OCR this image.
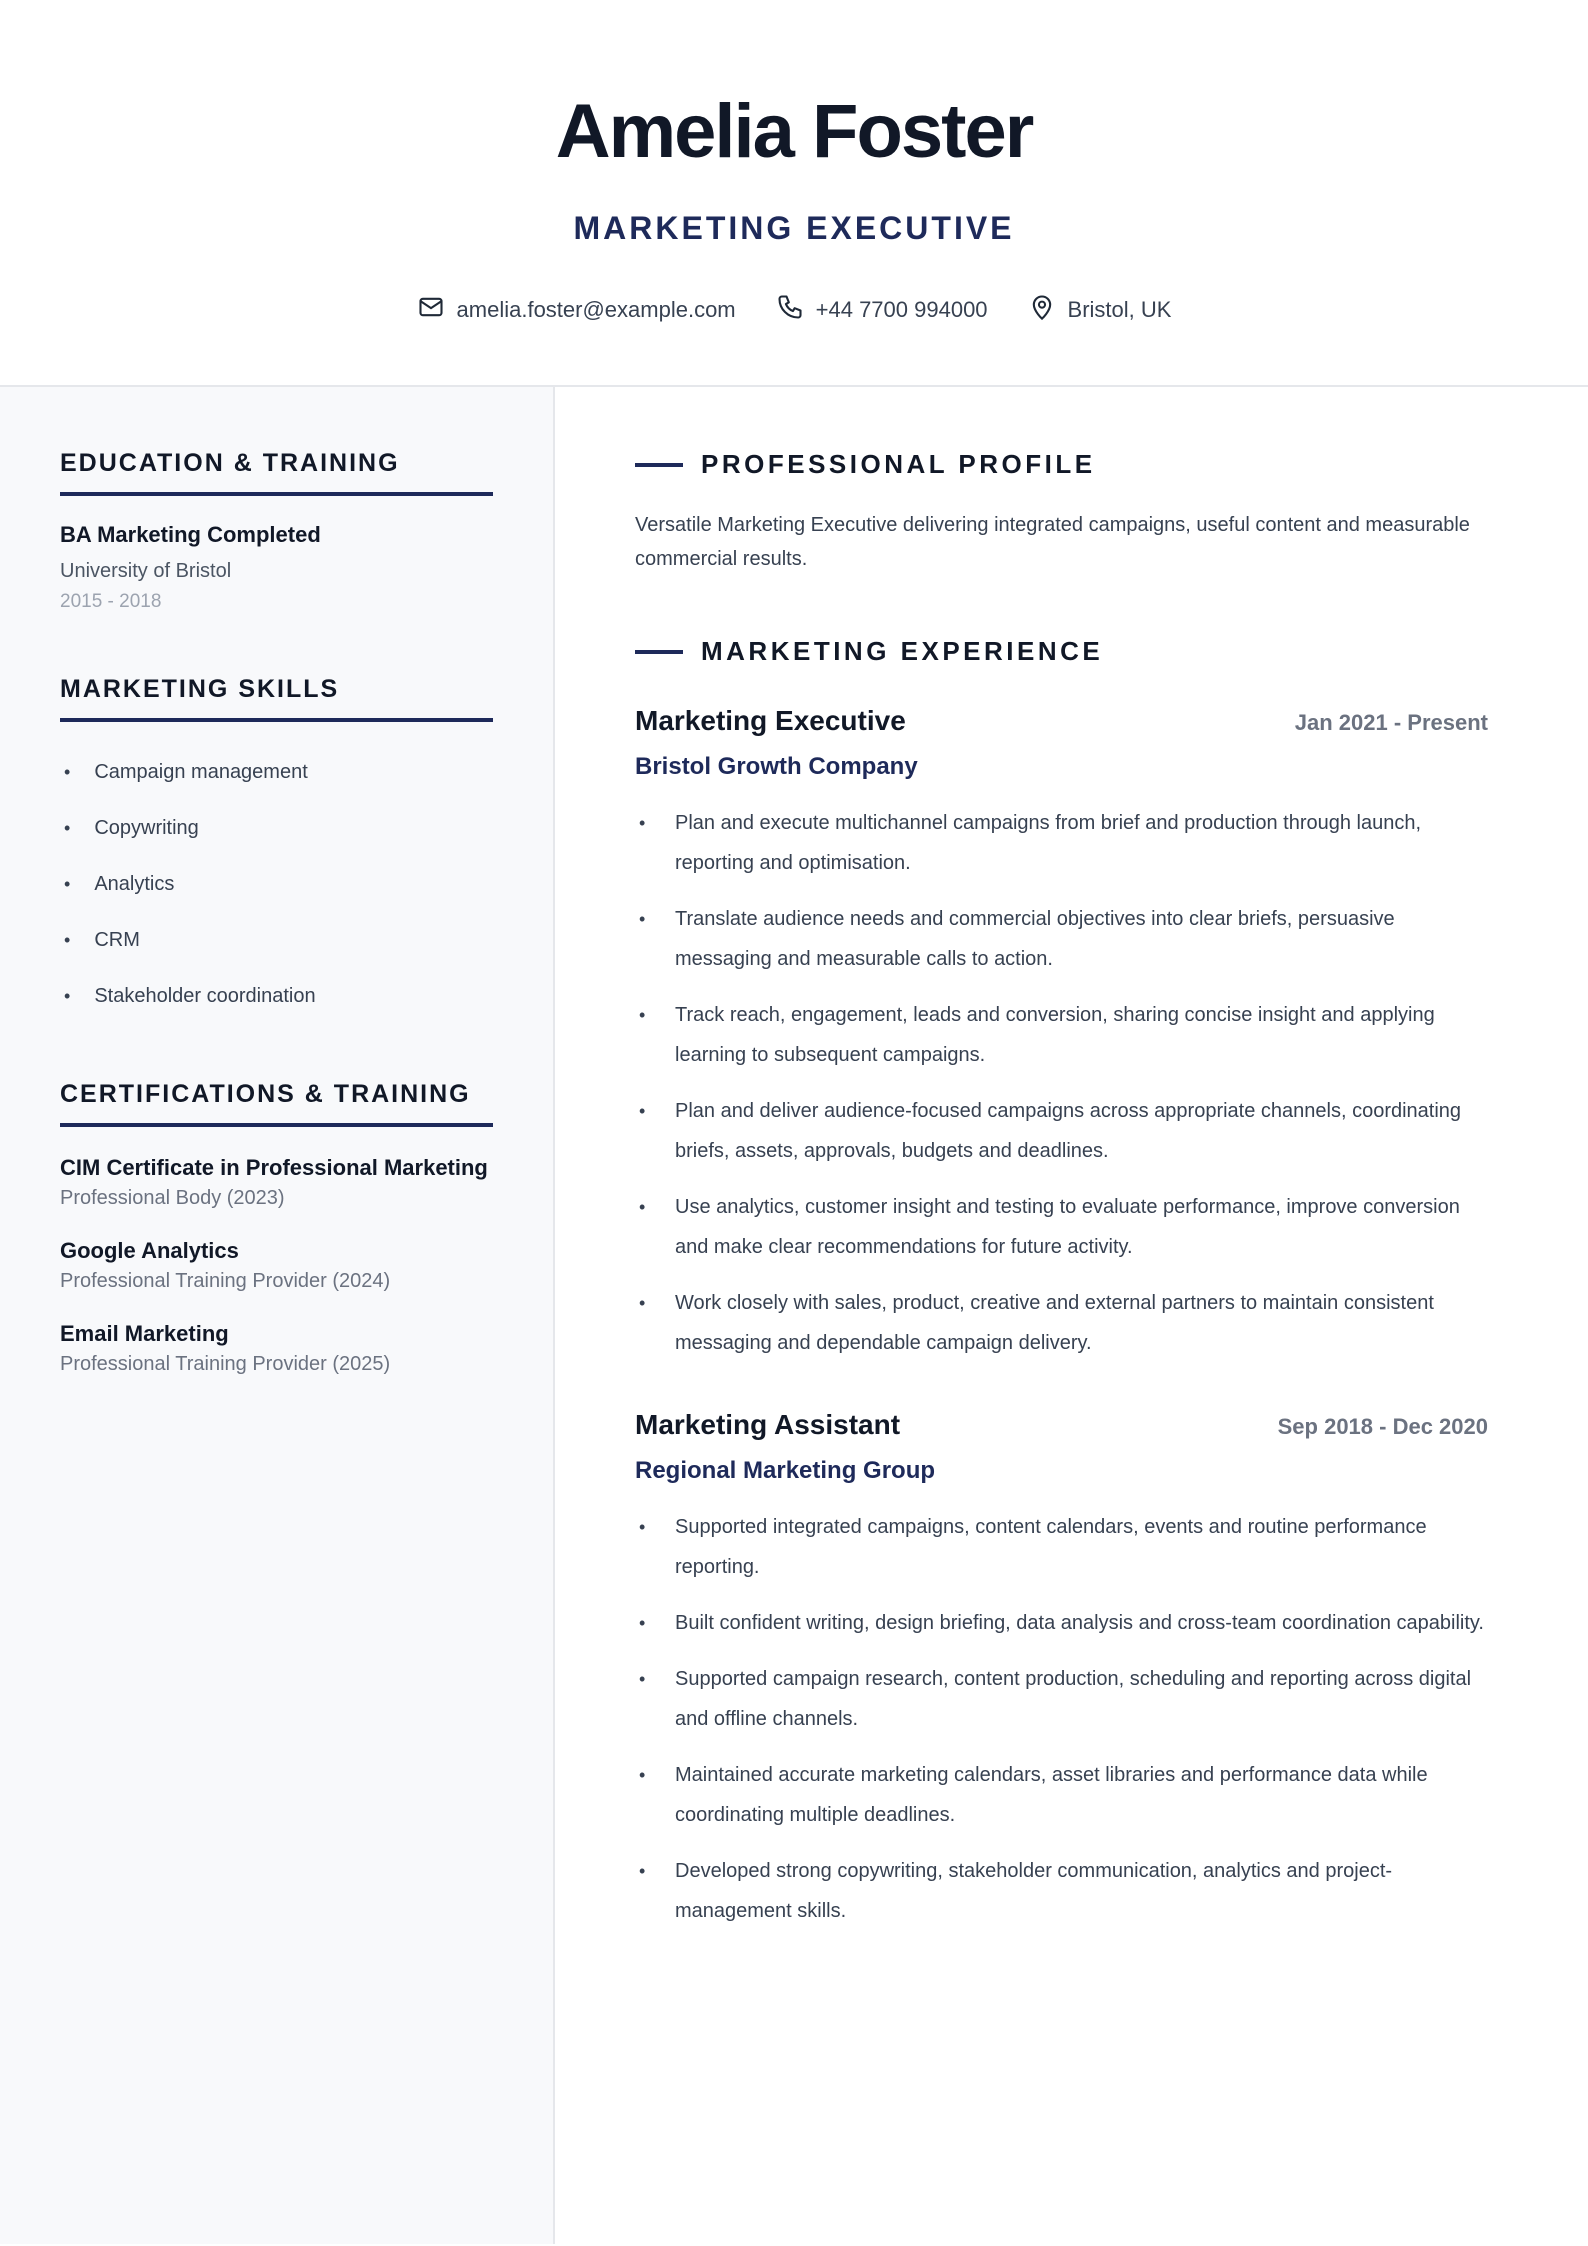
Amelia Foster
MARKETING EXECUTIVE
amelia.foster@example.com	+44 7700 994000	Bristol, UK
EDUCATION & TRAINING
BA Marketing Completed
University of Bristol
2015 - 2018
MARKETING SKILLS
• Campaign management
• Copywriting
• Analytics
• CRM
• Stakeholder coordination
CERTIFICATIONS & TRAINING
CIM Certificate in Professional Marketing
Professional Body (2023)
Google Analytics
Professional Training Provider (2024)
Email Marketing
Professional Training Provider (2025)
PROFESSIONAL PROFILE

Versatile Marketing Executive delivering integrated campaigns, useful content and measurable commercial results.

MARKETING EXPERIENCE
Marketing Executive	Jan 2021 - Present
Bristol Growth Company
• Plan and execute multichannel campaigns from brief and production through launch, reporting and optimisation.
• Translate audience needs and commercial objectives into clear briefs, persuasive messaging and measurable calls to action.
• Track reach, engagement, leads and conversion, sharing concise insight and applying learning to subsequent campaigns.
• Plan and deliver audience-focused campaigns across appropriate channels, coordinating briefs, assets, approvals, budgets and deadlines.
• Use analytics, customer insight and testing to evaluate performance, improve conversion and make clear recommendations for future activity.
• Work closely with sales, product, creative and external partners to maintain consistent messaging and dependable campaign delivery.
Marketing Assistant	Sep 2018 - Dec 2020
Regional Marketing Group
• Supported integrated campaigns, content calendars, events and routine performance reporting.
• Built confident writing, design briefing, data analysis and cross-team coordination capability.
• Supported campaign research, content production, scheduling and reporting across digital and offline channels.
• Maintained accurate marketing calendars, asset libraries and performance data while coordinating multiple deadlines.
• Developed strong copywriting, stakeholder communication, analytics and project-management skills.
